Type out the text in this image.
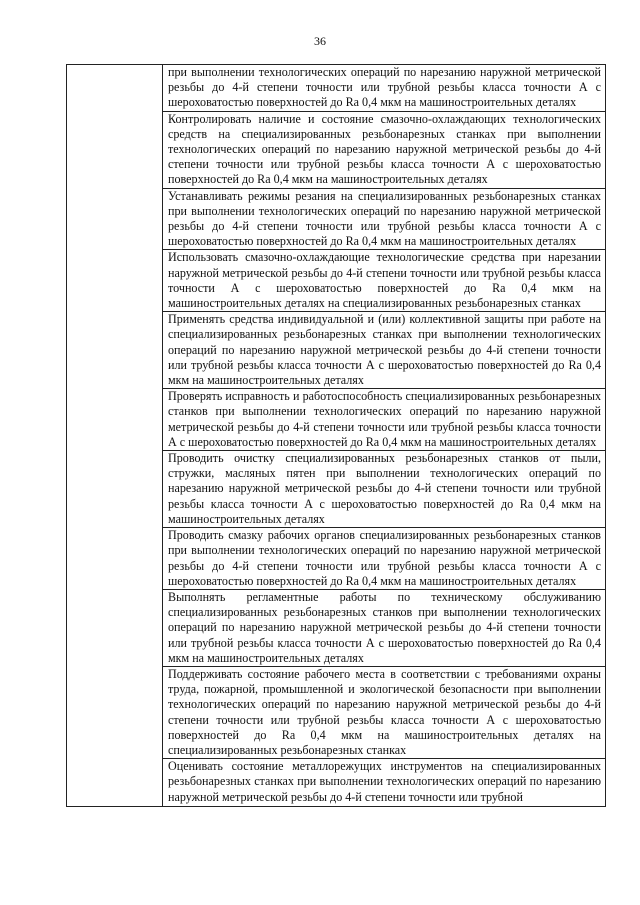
36

при выполнении технологических операций по нарезанию наружной метрической резьбы до 4-й степени точности или трубной резьбы класса точности А с шероховатостью поверхностей до Ra 0,4 мкм на машиностроительных деталях

Контролировать наличие и состояние смазочно-охлаждающих технологических средств на специализированных резьбонарезных станках при выполнении технологических операций по нарезанию наружной метрической резьбы до 4-й степени точности или трубной резьбы класса точности А с шероховатостью поверхностей до Ra 0,4 мкм на машиностроительных деталях

Устанавливать режимы резания на специализированных резьбонарезных станках при выполнении технологических операций по нарезанию наружной метрической резьбы до 4-й степени точности или трубной резьбы класса точности А с шероховатостью поверхностей до Ra 0,4 мкм на машиностроительных деталях

Использовать смазочно-охлаждающие технологические средства при нарезании наружной метрической резьбы до 4-й степени точности или трубной резьбы класса точности А с шероховатостью поверхностей до Ra 0,4 мкм на машиностроительных деталях на специализированных резьбонарезных станках

Применять средства индивидуальной и (или) коллективной защиты при работе на специализированных резьбонарезных станках при выполнении технологических операций по нарезанию наружной метрической резьбы до 4-й степени точности или трубной резьбы класса точности А с шероховатостью поверхностей до Ra 0,4 мкм на машиностроительных деталях

Проверять исправность и работоспособность специализированных резьбонарезных станков при выполнении технологических операций по нарезанию наружной метрической резьбы до 4-й степени точности или трубной резьбы класса точности А с шероховатостью поверхностей до Ra 0,4 мкм на машиностроительных деталях

Проводить очистку специализированных резьбонарезных станков от пыли, стружки, масляных пятен при выполнении технологических операций по нарезанию наружной метрической резьбы до 4-й степени точности или трубной резьбы класса точности А с шероховатостью поверхностей до Ra 0,4 мкм на машиностроительных деталях

Проводить смазку рабочих органов специализированных резьбонарезных станков при выполнении технологических операций по нарезанию наружной метрической резьбы до 4-й степени точности или трубной резьбы класса точности А с шероховатостью поверхностей до Ra 0,4 мкм на машиностроительных деталях

Выполнять регламентные работы по техническому обслуживанию специализированных резьбонарезных станков при выполнении технологических операций по нарезанию наружной метрической резьбы до 4-й степени точности или трубной резьбы класса точности А с шероховатостью поверхностей до Ra 0,4 мкм на машиностроительных деталях

Поддерживать состояние рабочего места в соответствии с требованиями охраны труда, пожарной, промышленной и экологической безопасности при выполнении технологических операций по нарезанию наружной метрической резьбы до 4-й степени точности или трубной резьбы класса точности А с шероховатостью поверхностей до Ra 0,4 мкм на машиностроительных деталях на специализированных резьбонарезных станках

Оценивать состояние металлорежущих инструментов на специализированных резьбонарезных станках при выполнении технологических операций по нарезанию наружной метрической резьбы до 4-й степени точности или трубной
